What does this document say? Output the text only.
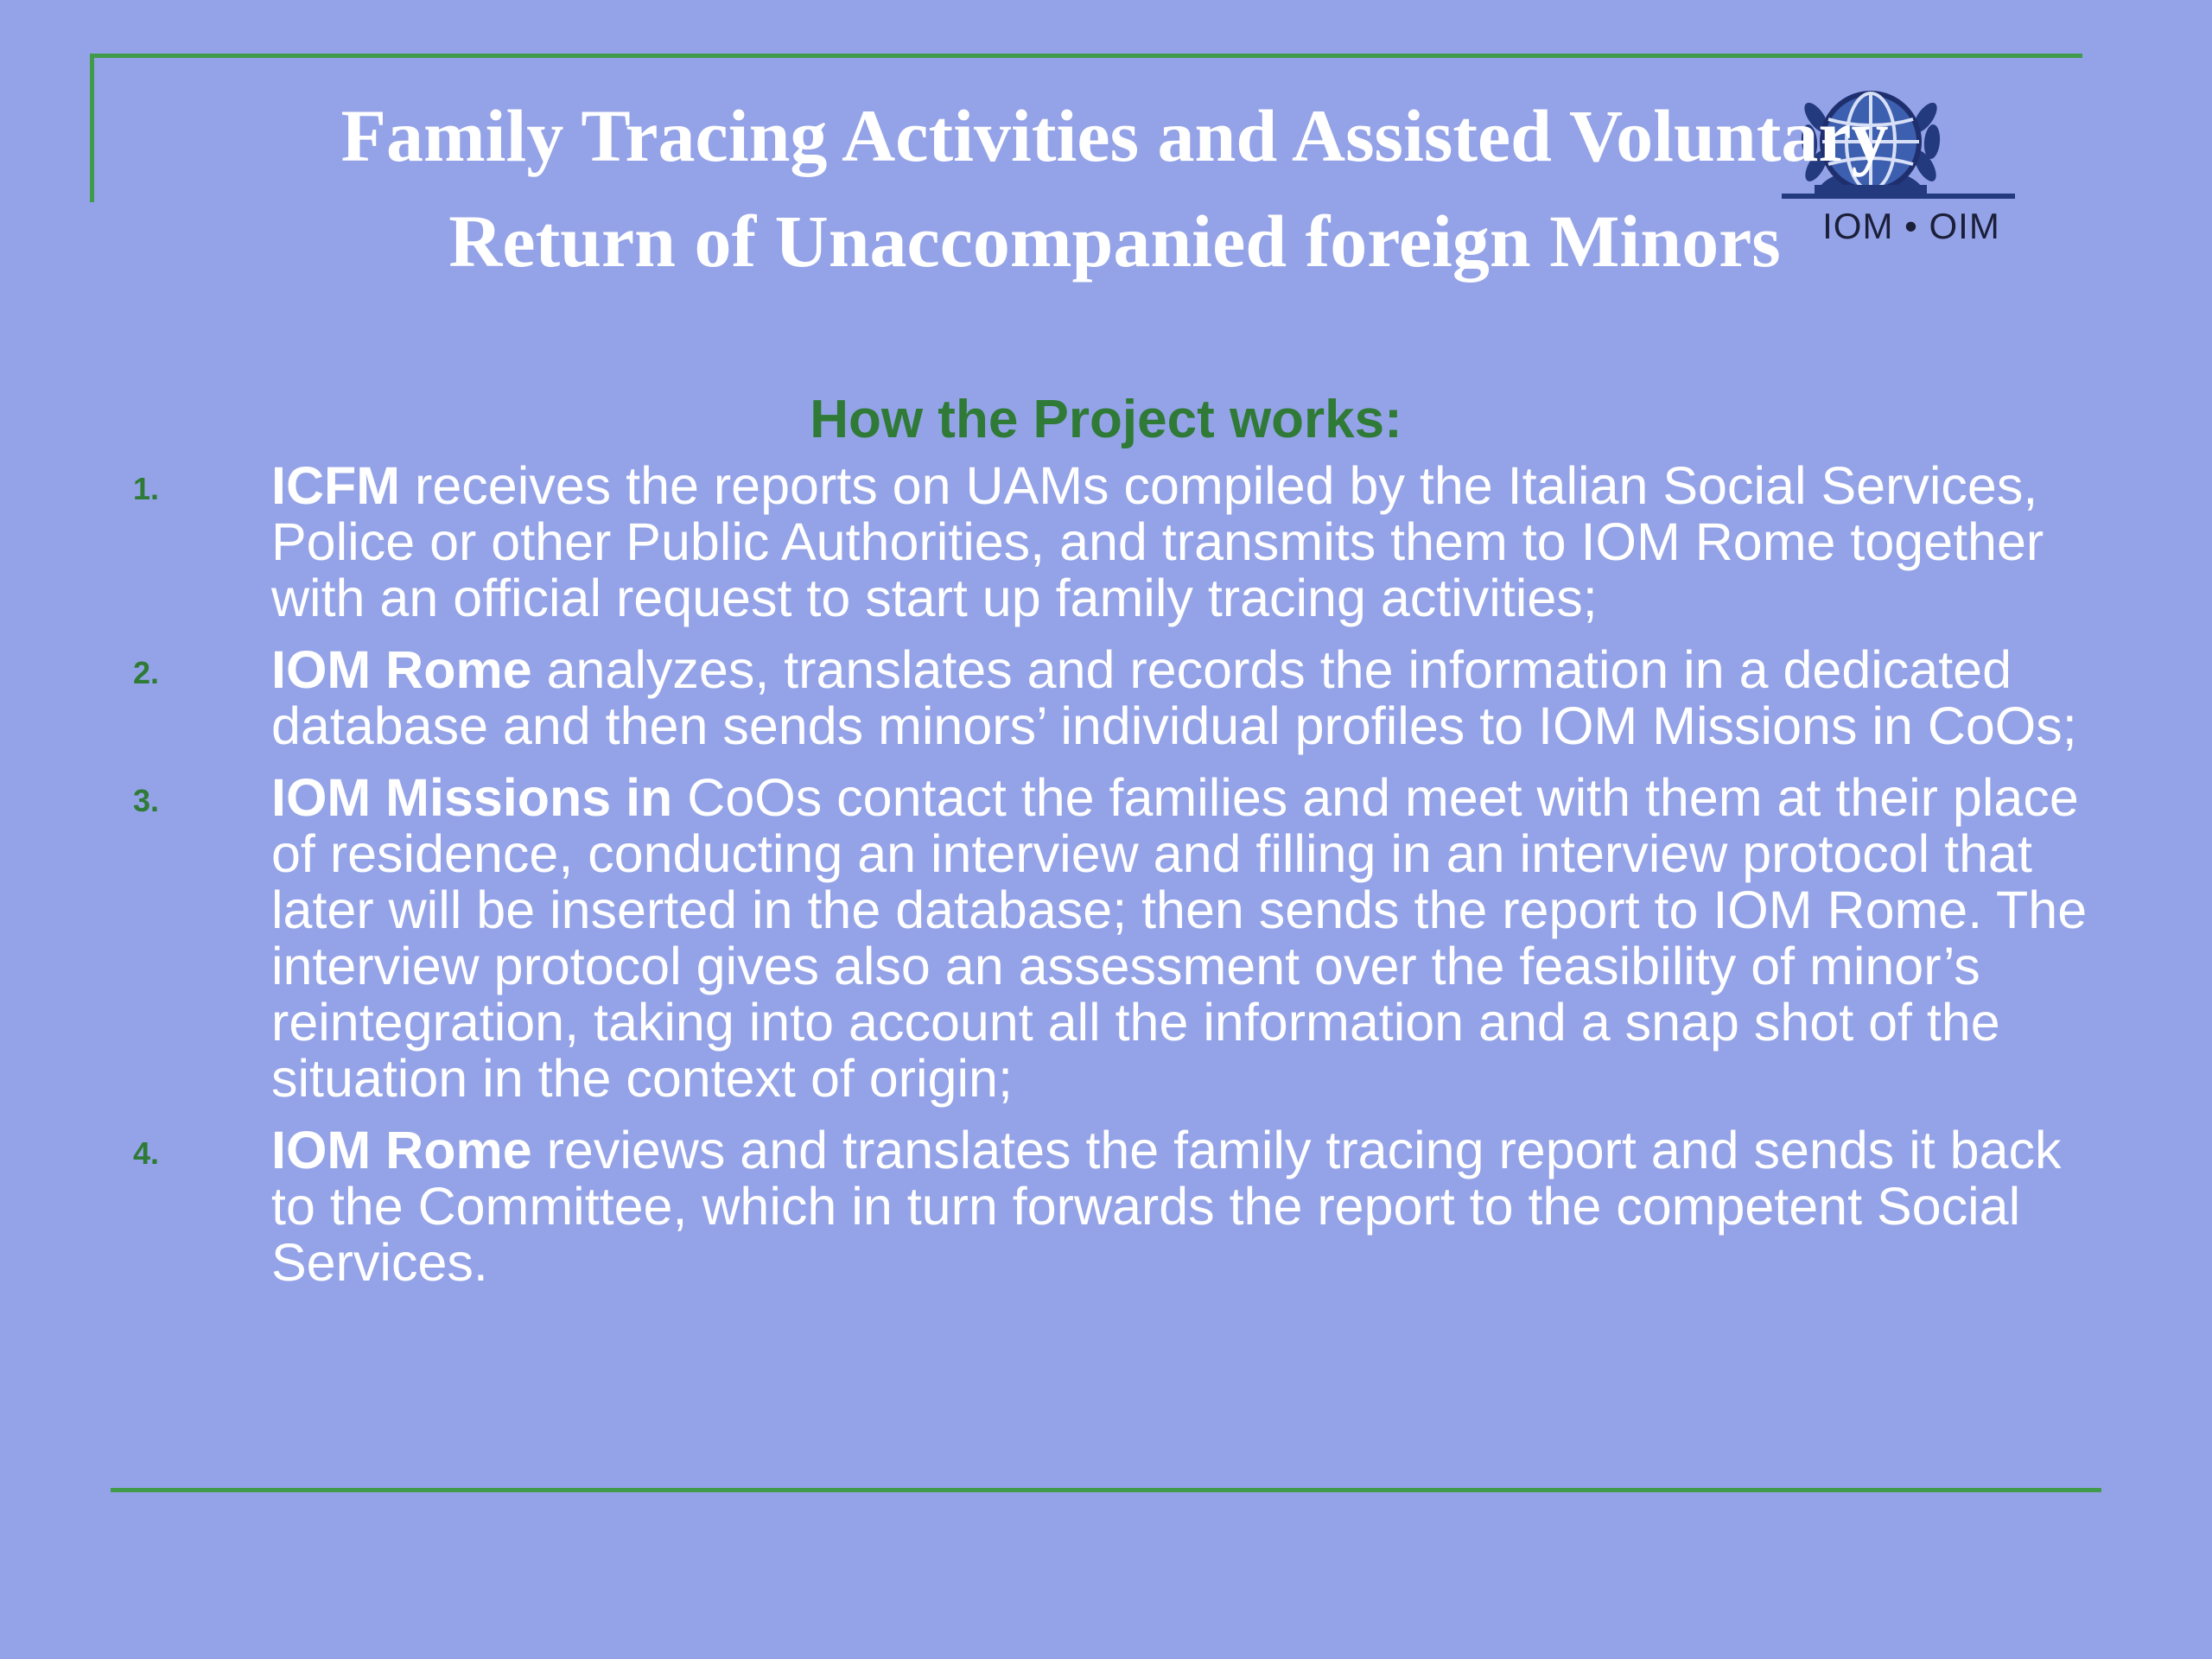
IOM • OIM
Family Tracing Activities and Assisted Voluntary
Return of Unaccompanied foreign Minors
How the Project works:
1. ICFM receives the reports on UAMs compiled by the Italian Social Services, Police or other Public Authorities, and transmits them to IOM Rome together with an official request to start up family tracing activities;
2. IOM Rome analyzes, translates and records the information in a dedicated database and then sends minors’ individual profiles to IOM Missions in CoOs;
3. IOM Missions in CoOs contact the families and meet with them at their place of residence, conducting an interview and filling in an interview protocol that later will be inserted in the database; then sends the report to IOM Rome. The interview protocol gives also an assessment over the feasibility of minor’s reintegration, taking into account all the information and a snap shot of the situation in the context of origin;
4. IOM Rome reviews and translates the family tracing report and sends it back to the Committee, which in turn forwards the report to the competent Social Services.
